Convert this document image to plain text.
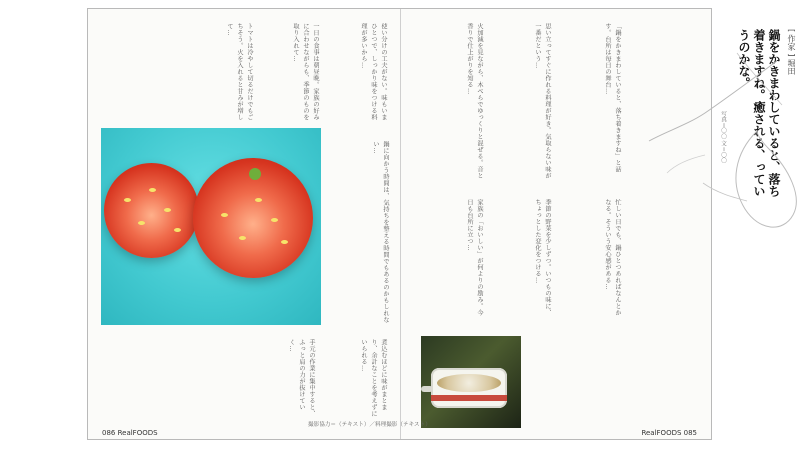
使い分けの工夫がない。味もいまひとつで、しっかり味をつける料理が多いから…
一日の食事は朝昼晩。家族の好みに合わせながらも、季節のものを取り入れて…
トマトは冷やして切るだけでもごちそう。火を入れると甘みが増して…
鍋に向かう時間は、気持ちを整える時間でもあるのかもしれない…
煮込むほどに味がまとまり、余計なことを考えずにいられる…
手元の作業に集中すると、ふっと肩の力が抜けていく…
「鍋をかきまわしていると、落ち着きますね」と話す。台所は毎日の舞台…
思い立ってすぐに作れる料理が好き。気取らない味が一番だという…
火加減を見ながら、木べらでゆっくりと混ぜる。音と香りで仕上がりを知る…
忙しい日でも、鍋ひとつあればなんとかなる。そういう安心感がある…
季節の野菜を少しずつ。いつもの味に、ちょっとした変化をつける…
家族の「おいしい」が何よりの励み。今日も台所に立つ…
[ 作家 ] 堀田
鍋をかきまわしていると、落ち着きますね。癒される、っていうのかな。
写真＝〇〇 文＝〇〇
撮影協力＝（テキスト）／料理撮影（テキスト）
086 RealFOODS	RealFOODS 085
